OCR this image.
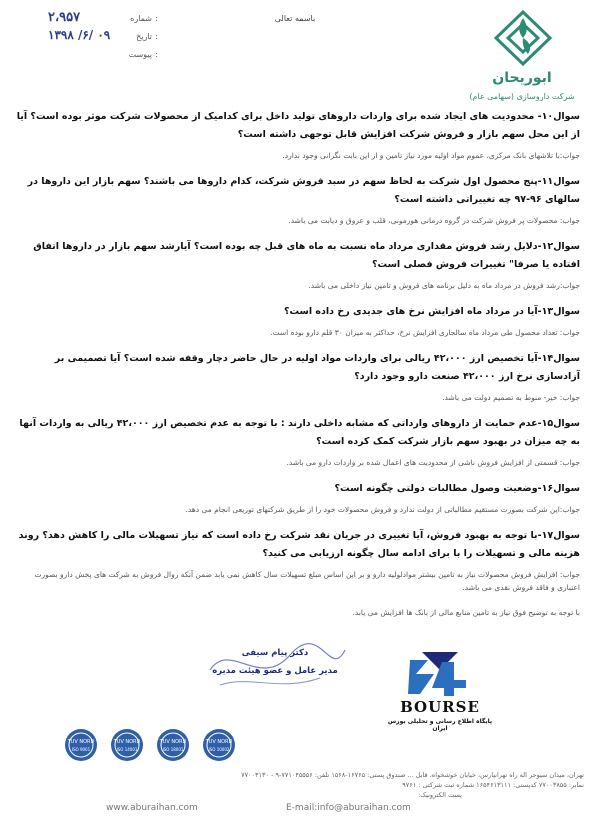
۲،۹۵۷	:
شماره
۱۳۹۸ /۶/ ۰۹	:
تاریخ
:
پیوست
باسمه تعالی
ابوریحان
شرکت داروسازی (سهامی عام)

سوال۱۰- محدودیت های ایجاد شده برای واردات داروهای تولید داخل برای کدامیک از محصولات شرکت موثر بوده است؟ آیا از این محل سهم بازار و فروش شرکت افزایش قابل توجهی داشته است؟

جواب:با تلاشهای بانک مرکزی، عموم مواد اولیه مورد نیاز تامین و از این بابت نگرانی وجود ندارد.

سوال۱۱-پنج محصول اول شرکت به لحاظ سهم در سبد فروش شرکت، کدام داروها می باشند؟ سهم بازار این داروها در سالهای ۹۶-۹۷ چه تغییراتی داشته است؟

جواب: محصولات پر فروش شرکت در گروه درمانی هورمونی، قلب و عروق و دیابت می باشد.

سوال۱۲-دلایل رشد فروش مقداری مرداد ماه نسبت به ماه های قبل چه بوده است؟ آیارشد سهم بازار در داروها اتفاق افتاده یا صرفا" تغییرات فروش فصلی است؟

جواب:رشد فروش در مرداد ماه به دلیل برنامه های فروش و تامین نیاز داخلی می باشد.

سوال۱۳-آیا در مرداد ماه افزایش نرخ های جدیدی رخ داده است؟

جواب: تعداد محصول طی مرداد ماه سالجاری افزایش نرخ، حداکثر به میزان ۳۰ قلم دارو بوده است.

سوال۱۴-آیا تخصیص ارز ۴۲،۰۰۰ ریالی برای واردات مواد اولیه در حال حاضر دچار وقفه شده است؟ آیا تصمیمی بر آزادسازی نرخ ارز ۴۲،۰۰۰ صنعت دارو وجود دارد؟

جواب: خیر- منوط به تصمیم دولت می باشد.

سوال۱۵-عدم حمایت از داروهای وارداتی که مشابه داخلی دارند : با توجه به عدم تخصیص ارز ۴۲،۰۰۰ ریالی به واردات آنها به چه میزان در بهبود سهم بازار شرکت کمک کرده است؟

جواب: قسمتی از افزایش فروش ناشی از محدودیت های اعمال شده بر واردات دارو می باشد.

سوال۱۶-وضعیت وصول مطالبات دولتی چگونه است؟

جواب:این شرکت بصورت مستقیم مطالباتی از دولت ندارد و فروش محصولات خود را از طریق شرکتهای توزیعی انجام می دهد.

سوال۱۷-با توجه به بهبود فروش، آیا تغییری در جریان نقد شرکت رخ داده است که نیاز تسهیلات مالی را کاهش دهد؟ روند هزینه مالی و تسهیلات را با برای ادامه سال چگونه ارزیابی می کنید؟

جواب: افزایش فروش محصولات نیاز به تامین بیشتر موادلولیه دارو و بر این اساس مبلغ تسهیلات سال کاهش نمی یابد ضمن آنکه روال فروش به شرکت های پخش دارو بصورت اعتباری و فاقد فروش نقدی می باشد.

با توجه به توضیح فوق نیاز به تامین منابع مالی از بانک ها افزایش می یابد.

دکتر پیام سیفی
مدیر عامل و عضو هیئت مدیره
BOURSE
پایگاه اطلاع رسانی و تحلیلی بورس ایران
TUV NORD
ISO 9001
TUV NORD
ISO 14001
TUV NORD
ISO 18001
TUV NORD
ISO 10002

تهران، میدان سیوجر اله راه تهرانپارس، خیابان خوشخواه، قابل ... صندوق پستی: ۱۶۷۶۵-۱۵۶۸ تلفن: ۷۷۱۰۴۵۵۵۶-۹ - ۷۷۰۰۳۱۳۰

نمابر: ۷۷۰۰۳۸۵۵ کدپستی: ۱۶۵۴۶۱۳۱۱۱ شماره ثبت شرکتی : ۹۷۶۱

پست الکترونیک:
E-mail:info@aburaihan.com
www.aburaihan.com
